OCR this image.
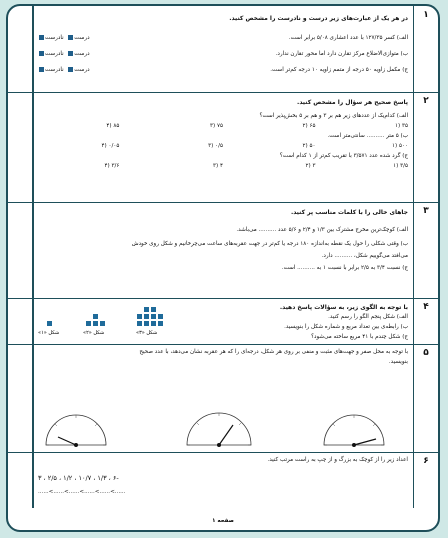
۱
در هر یک از عبارت‌های زیر درست و نادرست را مشخص کنید.
الف) کسر ۱۲۷/۳۵ با عدد اعشاری ۵/۰۸ برابر است.
درست  نادرست
ب) متوازی‌الاضلاع مرکز تقارن دارد اما محور تقارن ندارد.
درست  نادرست
ج) مکمل زاویه ۵۰ درجه از متمم زاویه ۱۰ درجه کم‌تر است.
درست  نادرست
۲
پاسخ صحیح هر سؤال را مشخص کنید.
الف) کدام‌یک از عددهای زیر هم بر ۳ و هم بر ۵ بخش‌پذیر است؟
۳۵ (۱
۶۵ (۲
۷۵ (۳
۸۵ (۴
ب) ۵ متر .......... سانتی‌متر است.
۵۰۰ (۱
۵۰ (۲
۰/۵ (۳
۰/۰۵ (۴
ج) گرد شده عدد ۳/۵۷۱ با تقریب کم‌تر از ۱ کدام است؟
۳/۵ (۱
۳ (۲
۴ (۳
۳/۶ (۴
۳
جاهای خالی را با کلمات مناسب پر کنید.
الف) کوچک‌ترین مخرج مشترک بین ۱/۳ و ۲/۴ و ۵/۶ عدد .......... می‌باشد.
ب) وقتی شکلی را حول یک نقطه به‌اندازه ۱۸۰ درجه یا کم‌تر در جهت عقربه‌های ساعت می‌چرخانیم و شکل روی خودش
می‌افتد می‌گوییم شکل، .......... دارد.
ج) نسبت ۳/۴ به ۲/۵ برابر با نسبت ۱ به .......... است.
۴
با توجه به الگوی زیر، به سؤالات پاسخ دهید.
الف) شکل پنجم الگو را رسم کنید.
ب) رابطه‌ی بین تعداد مربع و شماره شکل را بنویسید.
ج) شکل چندم با ۴۱ مربع ساخته می‌شود؟
شکل «۱»	شکل «۲»	شکل «۳»
۵
با توجه به محل صفر و جهت‌های مثبت و منفی بر روی هر شکل، درجه‌ای را که هر عقربه نشان می‌دهد، با عدد صحیح
بنویسید.
۶
اعداد زیر را از کوچک به بزرگ و از چپ به راست مرتب کنید.
۳ ، ۲/۵ ، ۱/۲ ، ۱۰/۷ ، ۱/۳ ، ۶-
......<......<......<......<......<......
صفحه ۱
